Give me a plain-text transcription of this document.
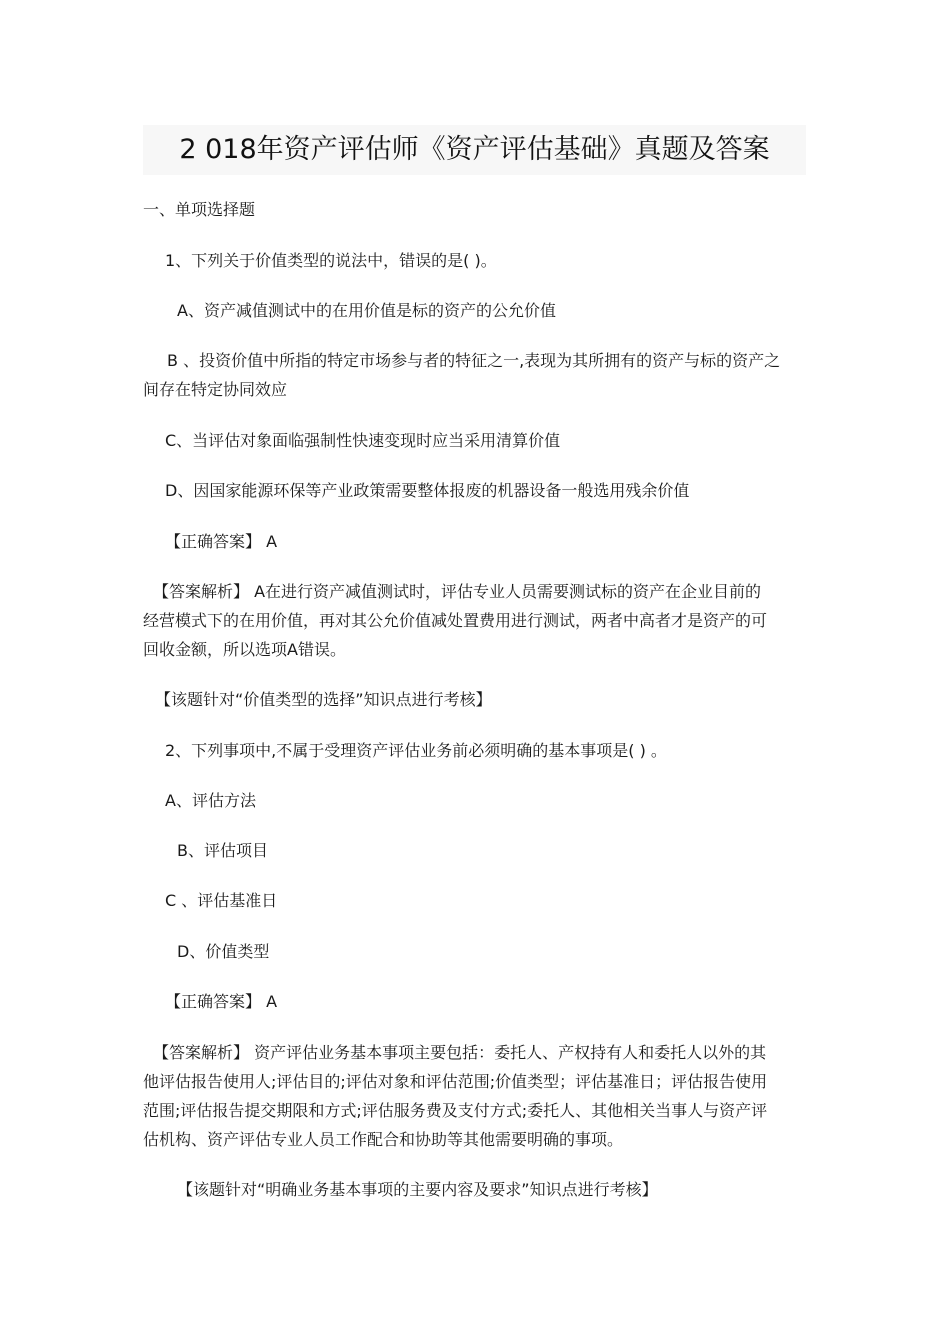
2 018年资产评估师《资产评估基础》真题及答案
一、单项选择题
1、下列关于价值类型的说法中，错误的是( )。
A、资产减值测试中的在用价值是标的资产的公允价值
B 、投资价值中所指的特定市场参与者的特征之一,表现为其所拥有的资产与标的资产之
间存在特定协同效应
C、当评估对象面临强制性快速变现时应当采用清算价值
D、因国家能源环保等产业政策需要整体报废的机器设备一般选用残余价值
【正确答案】 A
【答案解析】 A在进行资产减值测试时，评估专业人员需要测试标的资产在企业目前的
经营模式下的在用价值，再对其公允价值减处置费用进行测试，两者中高者才是资产的可
回收金额，所以选项A错误。
【该题针对“价值类型的选择”知识点进行考核】
2、下列事项中,不属于受理资产评估业务前必须明确的基本事项是( ) 。
A、评估方法
B、评估项目
C 、评估基准日
D、价值类型
【正确答案】 A
【答案解析】 资产评估业务基本事项主要包括：委托人、产权持有人和委托人以外的其
他评估报告使用人;评估目的;评估对象和评估范围;价值类型；评估基准日；评估报告使用
范围;评估报告提交期限和方式;评估服务费及支付方式;委托人、其他相关当事人与资产评
估机构、资产评估专业人员工作配合和协助等其他需要明确的事项。
【该题针对“明确业务基本事项的主要内容及要求”知识点进行考核】
